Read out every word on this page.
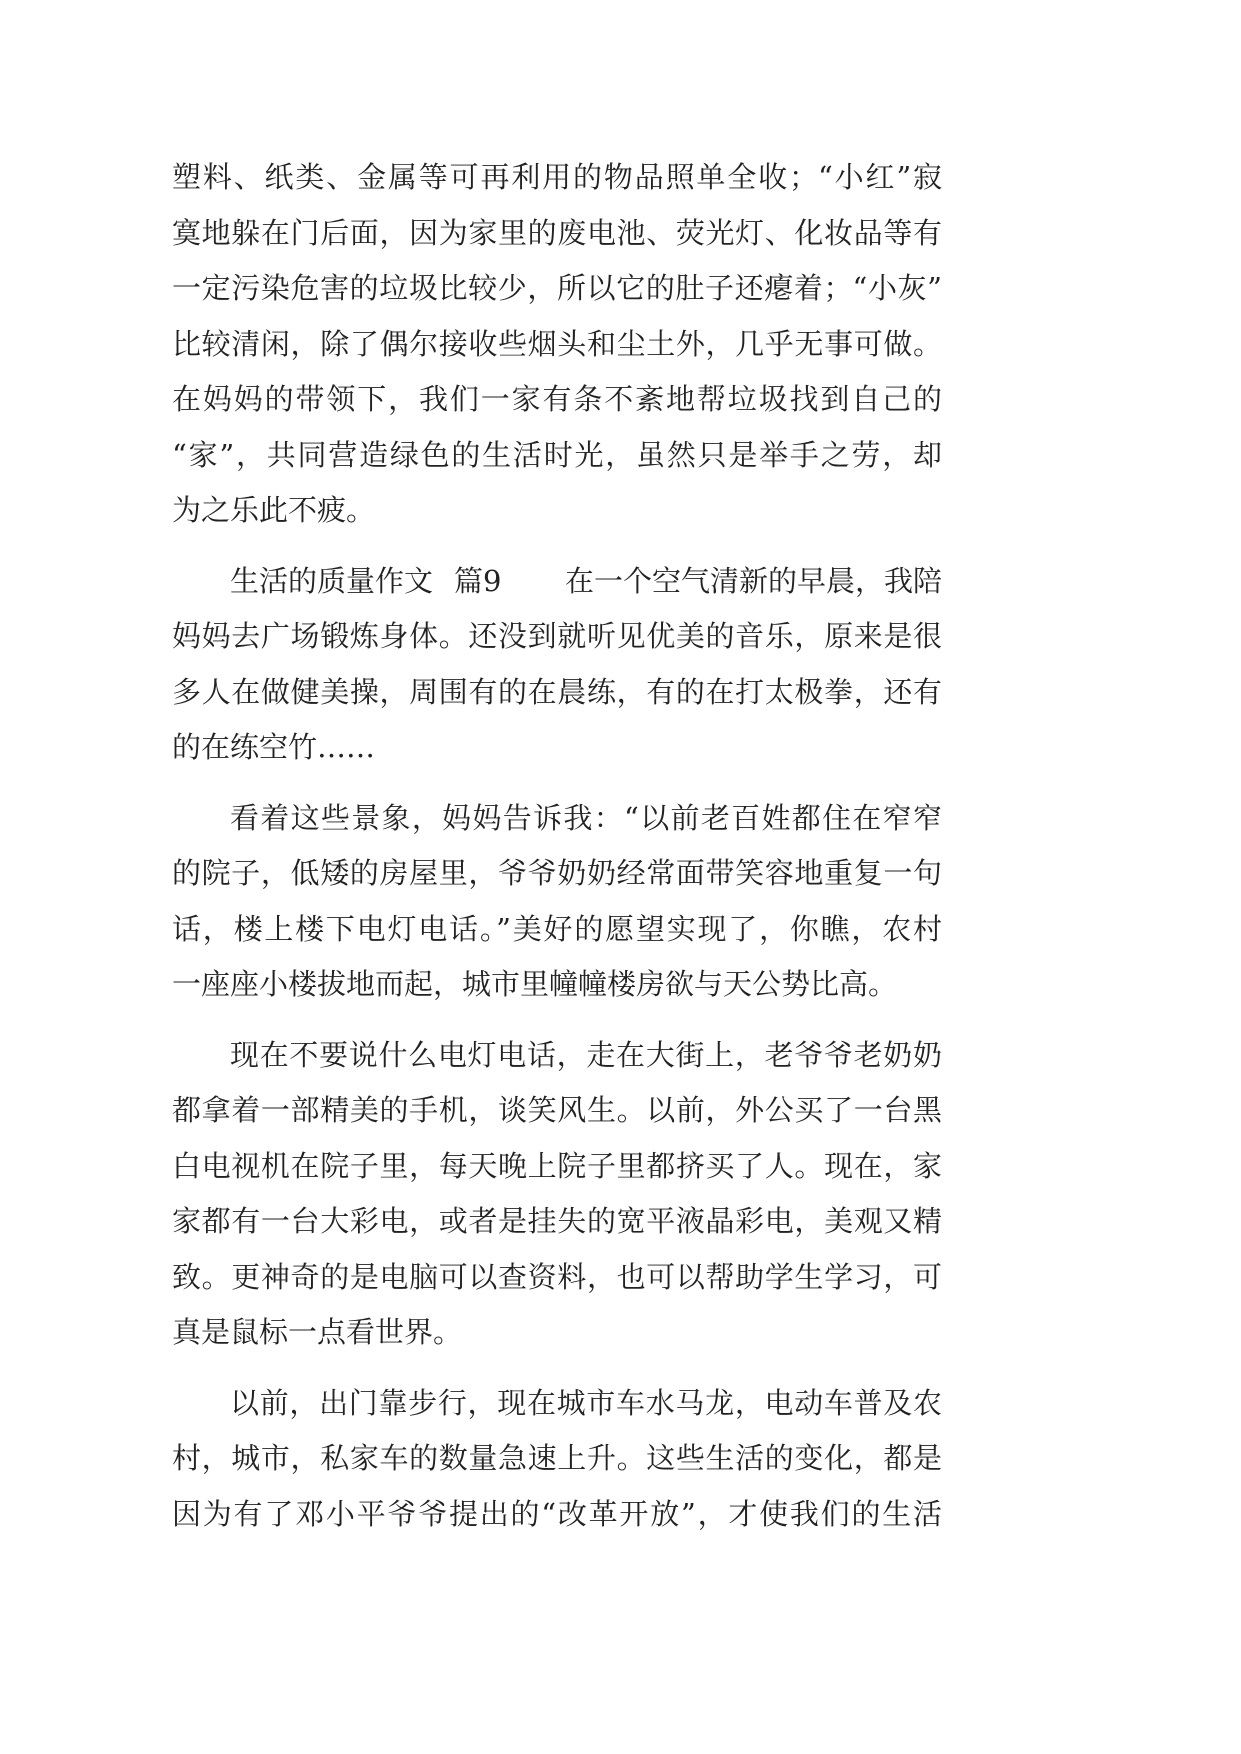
塑料、纸类、金属等可再利用的物品照单全收；“小红”寂
寞地躲在门后面，因为家里的废电池、荧光灯、化妆品等有
一定污染危害的垃圾比较少，所以它的肚子还瘪着；“小灰”
比较清闲，除了偶尔接收些烟头和尘土外，几乎无事可做。
在妈妈的带领下，我们一家有条不紊地帮垃圾找到自己的
“家”，共同营造绿色的生活时光，虽然只是举手之劳，却
为之乐此不疲。
生活的质量作文 篇9 在一个空气清新的早晨，我陪
妈妈去广场锻炼身体。还没到就听见优美的音乐，原来是很
多人在做健美操，周围有的在晨练，有的在打太极拳，还有
的在练空竹……
看着这些景象，妈妈告诉我：“以前老百姓都住在窄窄
的院子，低矮的房屋里，爷爷奶奶经常面带笑容地重复一句
话，楼上楼下电灯电话。”美好的愿望实现了，你瞧，农村
一座座小楼拔地而起，城市里幢幢楼房欲与天公势比高。
现在不要说什么电灯电话，走在大街上，老爷爷老奶奶
都拿着一部精美的手机，谈笑风生。以前，外公买了一台黑
白电视机在院子里，每天晚上院子里都挤买了人。现在，家
家都有一台大彩电，或者是挂失的宽平液晶彩电，美观又精
致。更神奇的是电脑可以查资料，也可以帮助学生学习，可
真是鼠标一点看世界。
以前，出门靠步行，现在城市车水马龙，电动车普及农
村，城市，私家车的数量急速上升。这些生活的变化，都是
因为有了邓小平爷爷提出的“改革开放”，才使我们的生活
